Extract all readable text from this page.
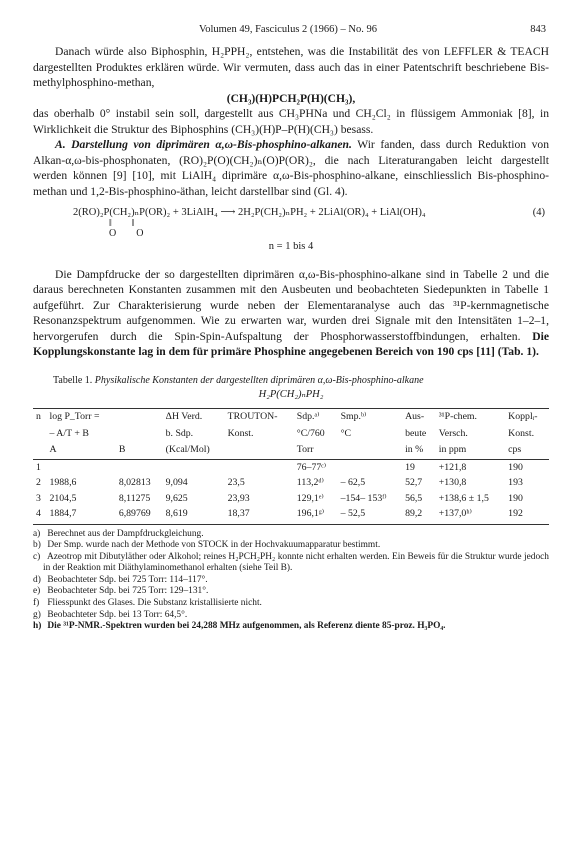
Volumen 49, Fasciculus 2 (1966) – No. 96	843

Danach würde also Biphosphin, H₂PPH₂, entstehen, was die Instabilität des von LEFFLER & TEACH dargestellten Produktes erklären würde. Wir vermuten, dass auch das in einer Patentschrift beschriebene Bis-methylphosphino-methan,

(CH₃)(H)PCH₂P(H)(CH₃),

das oberhalb 0° instabil sein soll, dargestellt aus CH₃PHNa und CH₂Cl₂ in flüssigem Ammoniak [8], in Wirklichkeit die Struktur des Biphosphins (CH₃)(H)P–P(H)(CH₃) besass.

A. Darstellung von diprimären α,ω-Bis-phosphino-alkanen. Wir fanden, dass durch Reduktion von Alkan-α,ω-bis-phosphonaten, (RO)₂P(O)(CH₂)ₙ(O)P(OR)₂, die nach Literaturangaben leicht dargestellt werden können [9] [10], mit LiAlH₄ diprimäre α,ω-Bis-phosphino-alkane, einschliesslich Bis-phosphino-methan und 1,2-Bis-phosphino-äthan, leicht darstellbar sind (Gl. 4).

2(RO)₂P(CH₂)ₙP(OR)₂ + 3LiAlH₄ ⟶ 2H₂P(CH₂)ₙPH₂ + 2LiAl(OR)₄ + LiAl(OH)₄	(4)
‖        ‖
O        O
n = 1 bis 4

Die Dampfdrucke der so dargestellten diprimären α,ω-Bis-phosphino-alkane sind in Tabelle 2 und die daraus berechneten Konstanten zusammen mit den Ausbeuten und beobachteten Siedepunkten in Tabelle 1 aufgeführt. Zur Charakterisierung wurde neben der Elementaranalyse auch das ³¹P-kernmagnetische Resonanzspektrum aufgenommen. Wie zu erwarten war, wurden drei Signale mit den Intensitäten 1–2–1, hervorgerufen durch die Spin-Spin-Aufspaltung der Phosphorwasserstoffbindungen, erhalten. Die Kopplungskonstante lag in dem für primäre Phosphine angegebenen Bereich von 190 cps [11] (Tab. 1).

Tabelle 1. Physikalische Konstanten der dargestellten diprimären α,ω-Bis-phosphino-alkane
H₂P(CH₂)ₙPH₂
n	log P_Torr =		ΔH Verd.	TROUTON-	Sdp.ᵃ⁾	Smp.ᵇ⁾	Aus-	³¹P-chem.	Kopplᵢ-
	– A/T + B		b. Sdp.	Konst.	°C/760	°C	beute	Versch.	Konst.
	A	B	(Kcal/Mol)		Torr		in %	in ppm	cps
1					76–77ᶜ⁾		19	+121,8	190
2	1988,6	8,02813	9,094	23,5	113,2ᵈ⁾	– 62,5	52,7	+130,8	193
3	2104,5	8,11275	9,625	23,93	129,1ᵉ⁾	–154– 153ᶠ⁾	56,5	+138,6 ± 1,5	190
4	1884,7	6,89769	8,619	18,37	196,1ᵍ⁾	– 52,5	89,2	+137,0ʰ⁾	192

a) Berechnet aus der Dampfdruckgleichung.

b) Der Smp. wurde nach der Methode von STOCK in der Hochvakuumapparatur bestimmt.

c) Azeotrop mit Dibutyläther oder Alkohol; reines H₂PCH₂PH₂ konnte nicht erhalten werden. Ein Beweis für die Struktur wurde jedoch in der Reaktion mit Diäthylaminomethanol erhalten (siehe Teil B).

d) Beobachteter Sdp. bei 725 Torr: 114–117°.

e) Beobachteter Sdp. bei 725 Torr: 129–131°.

f) Fliesspunkt des Glases. Die Substanz kristallisierte nicht.

g) Beobachteter Sdp. bei 13 Torr: 64,5°.

h) Die ³¹P-NMR.-Spektren wurden bei 24,288 MHz aufgenommen, als Referenz diente 85-proz. H₃PO₄.
